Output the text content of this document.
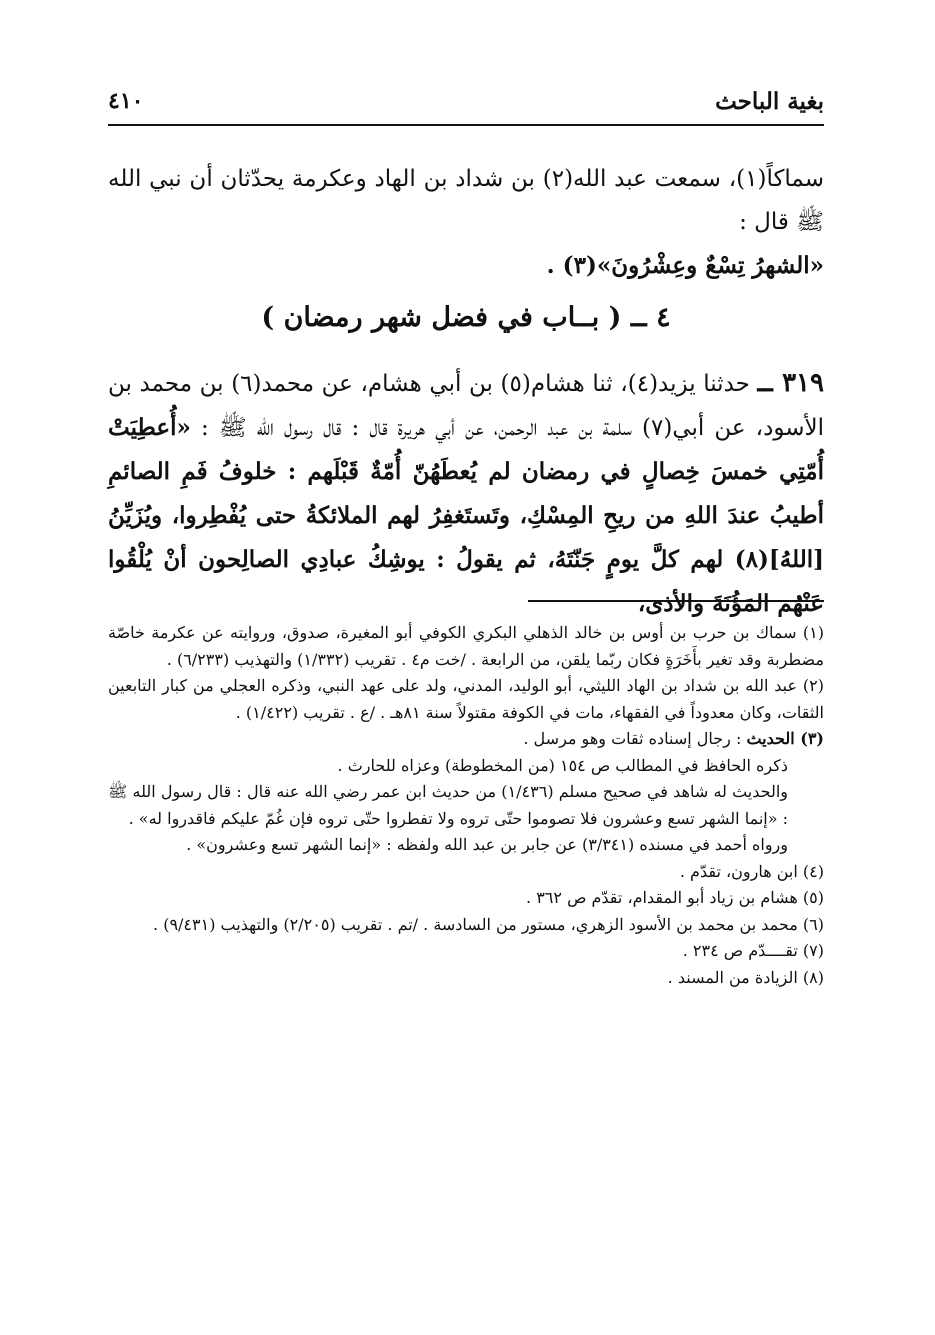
بغية الباحث
٤١٠
سماكاً(١)، سمعت عبد الله(٢) بن شداد بن الهاد وعكرمة يحدّثان أن نبي الله ﷺ قال :
«الشهرُ تِسْعٌ وعِشْرُونَ»(٣) .
٤ ــ ( بــاب في فضل شهر رمضان )
٣١٩ ــ حدثنا يزيد(٤)، ثنا هشام(٥) بن أبي هشام، عن محمد(٦) بن محمد بن الأسود، عن أبي(٧) سلمة بن عبد الرحمن، عن أبي هريرة قال : قال رسول الله ﷺ : «أُعطِيَتْ أُمّتِي خمسَ خِصالٍ في رمضان لم يُعطَهُنّ أُمّةٌ قَبْلَهم : خلوفُ فَمِ الصائمِ أطيبُ عندَ اللهِ من ريحِ المِسْكِ، وتَستَغفِرُ لهم الملائكةُ حتى يُفْطِروا، ويُزَيِّنُ [اللهُ](٨) لهم كلَّ يومٍ جَنّتَهُ، ثم يقولُ : يوشِكُ عبادِي الصالِحون أنْ يُلْقُوا عَنْهُم المَؤُنَةَ والأذى،

(١) سماك بن حرب بن أوس بن خالد الذهلي البكري الكوفي أبو المغيرة، صدوق، وروايته عن عكرمة خاصّة مضطربة وقد تغير بأَخَرَةٍ فكان ربّما يلقن، من الرابعة . /خت م٤ . تقريب (١/٣٣٢) والتهذيب (٦/٢٣٣) .

(٢) عبد الله بن شداد بن الهاد الليثي، أبو الوليد، المدني، ولد على عهد النبي، وذكره العجلي من كبار التابعين الثقات، وكان معدوداً في الفقهاء، مات في الكوفة مقتولاً سنة ٨١هـ . /ع . تقريب (١/٤٢٢) .

(٣) الحديث : رجال إسناده ثقات وهو مرسل .

ذكره الحافظ في المطالب ص ١٥٤ (من المخطوطة) وعزاه للحارث .

والحديث له شاهد في صحيح مسلم (١/٤٣٦) من حديث ابن عمر رضي الله عنه قال : قال رسول الله ﷺ : «إنما الشهر تسع وعشرون فلا تصوموا حتّى تروه ولا تفطروا حتّى تروه فإن غُمّ عليكم فاقدروا له» .

ورواه أحمد في مسنده (٣/٣٤١) عن جابر بن عبد الله ولفظه : «إنما الشهر تسع وعشرون» .

(٤) ابن هارون، تقدّم .

(٥) هشام بن زياد أبو المقدام، تقدّم ص ٣٦٢ .

(٦) محمد بن محمد بن الأسود الزهري، مستور من السادسة . /تم . تقريب (٢/٢٠٥) والتهذيب (٩/٤٣١) .

(٧) تقــــدّم ص ٢٣٤ .

(٨) الزيادة من المسند .
